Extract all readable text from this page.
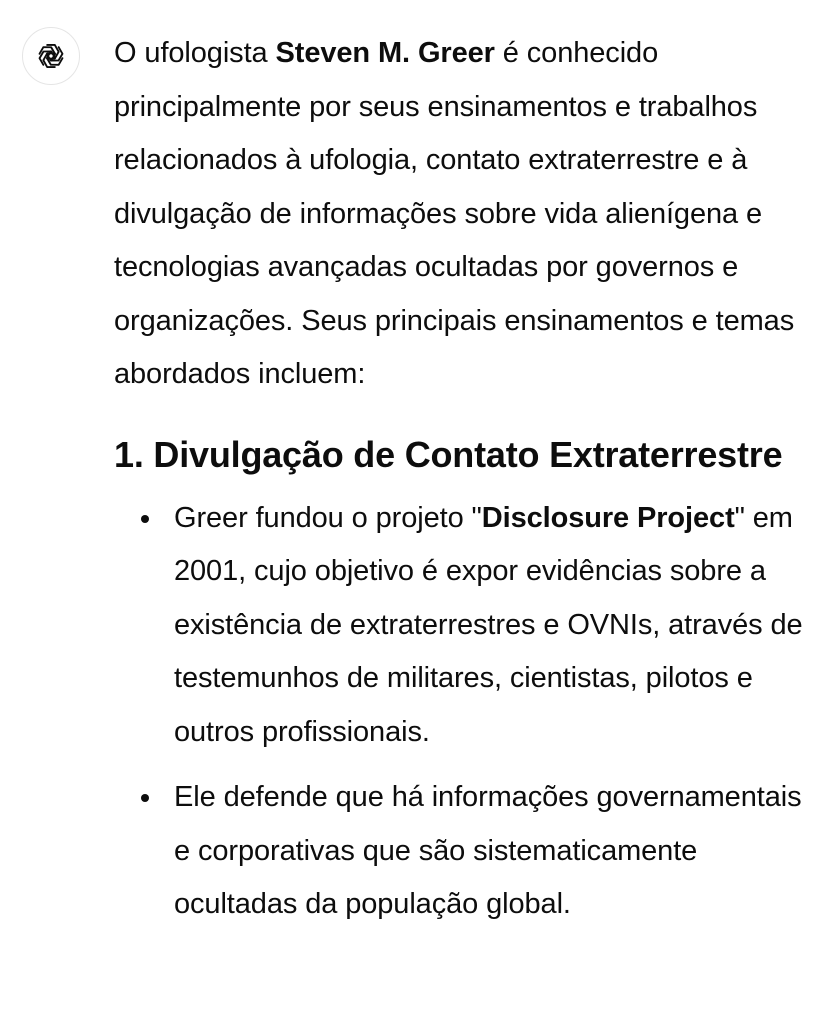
O ufologista Steven M. Greer é conhecido principalmente por seus ensinamentos e trabalhos relacionados à ufologia, contato extraterrestre e à divulgação de informações sobre vida alienígena e tecnologias avançadas ocultadas por governos e organizações. Seus principais ensinamentos e temas abordados incluem:

1. Divulgação de Contato Extraterrestre
Greer fundou o projeto "Disclosure Project" em 2001, cujo objetivo é expor evidências sobre a existência de extraterrestres e OVNIs, através de testemunhos de militares, cientistas, pilotos e outros profissionais.
Ele defende que há informações governamentais e corporativas que são sistematicamente ocultadas da população global.
